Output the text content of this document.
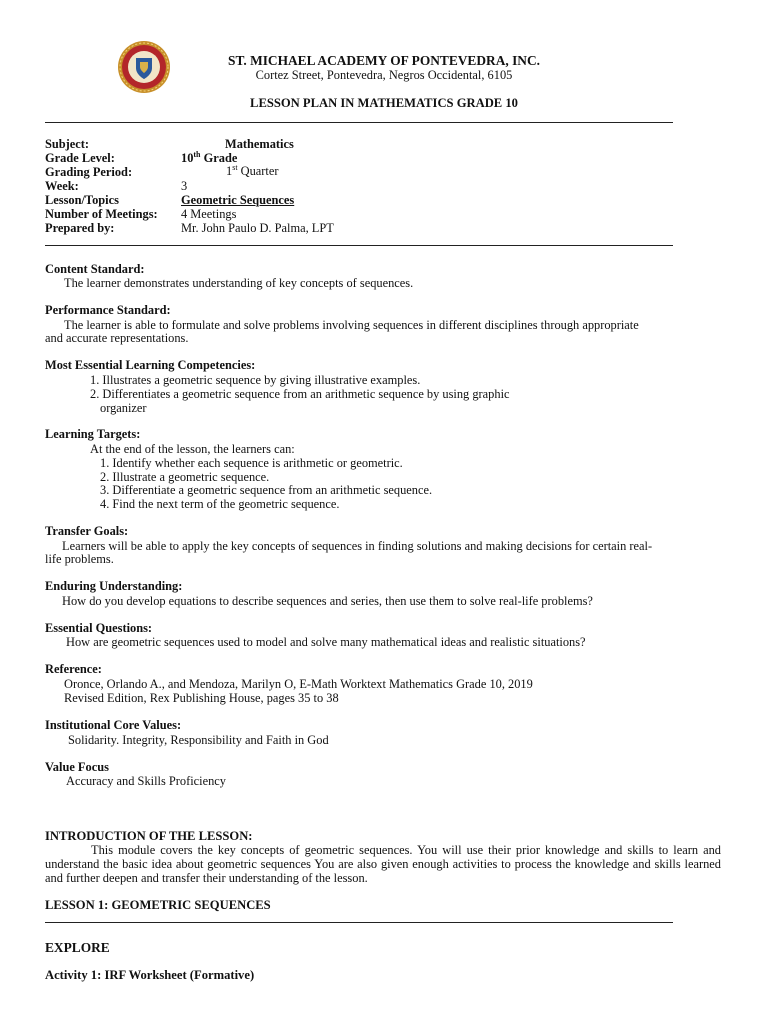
ST. MICHAEL ACADEMY OF PONTEVEDRA, INC.
Cortez Street, Pontevedra, Negros Occidental, 6105
LESSON PLAN IN MATHEMATICS GRADE 10
Subject:	Mathematics
Grade Level:	10th Grade
Grading Period:	1st Quarter
Week:	3
Lesson/Topics	Geometric Sequences
Number of Meetings: 4 Meetings
Prepared by:	Mr. John Paulo D. Palma, LPT
Content Standard:
The learner demonstrates understanding of key concepts of sequences.
Performance Standard:
The learner is able to formulate and solve problems involving sequences in different disciplines through appropriate
and accurate representations.
Most Essential Learning Competencies:
1. Illustrates a geometric sequence by giving illustrative examples.
2. Differentiates a geometric sequence from an arithmetic sequence by using graphic
organizer
Learning Targets:
At the end of the lesson, the learners can:
1. Identify whether each sequence is arithmetic or geometric.
2. Illustrate a geometric sequence.
3. Differentiate a geometric sequence from an arithmetic sequence.
4. Find the next term of the geometric sequence.
Transfer Goals:
Learners will be able to apply the key concepts of sequences in finding solutions and making decisions for certain real-
life problems.
Enduring Understanding:
How do you develop equations to describe sequences and series, then use them to solve real-life problems?
Essential Questions:
How are geometric sequences used to model and solve many mathematical ideas and realistic situations?
Reference:
Oronce, Orlando A., and Mendoza, Marilyn O, E-Math Worktext Mathematics Grade 10, 2019
Revised Edition, Rex Publishing House, pages 35 to 38
Institutional Core Values:
Solidarity. Integrity, Responsibility and Faith in God
Value Focus
Accuracy and Skills Proficiency
INTRODUCTION OF THE LESSON:
This module covers the key concepts of geometric sequences. You will use their prior knowledge and skills to learn and understand the basic idea about geometric sequences You are also given enough activities to process the knowledge and skills learned and further deepen and transfer their understanding of the lesson.
LESSON 1: GEOMETRIC SEQUENCES
EXPLORE
Activity 1: IRF Worksheet (Formative)
